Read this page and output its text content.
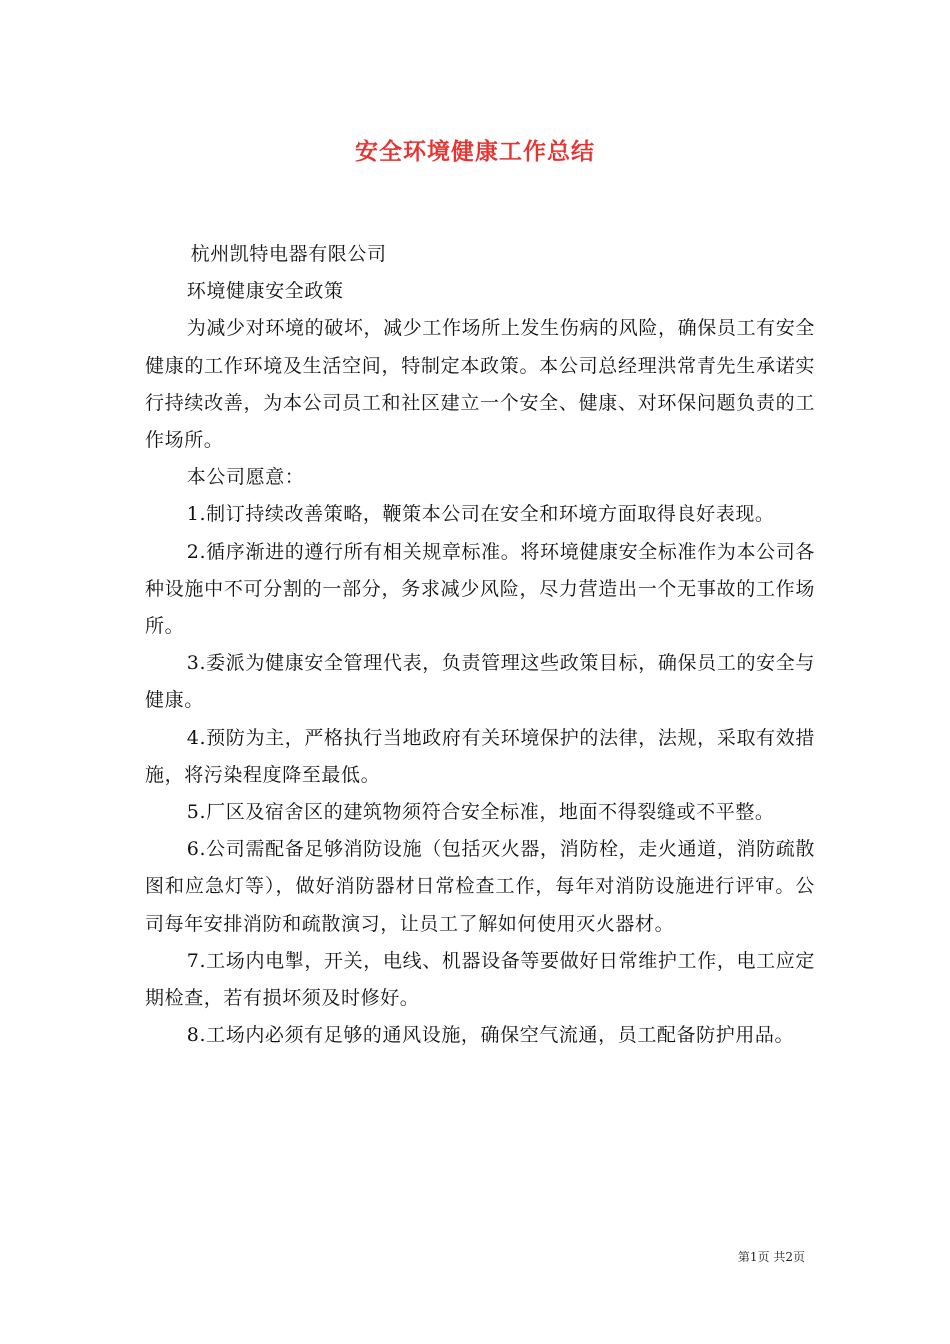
安全环境健康工作总结

杭州凯特电器有限公司

环境健康安全政策

为减少对环境的破坏，减少工作场所上发生伤病的风险，确保员工有安全健康的工作环境及生活空间，特制定本政策。本公司总经理洪常青先生承诺实行持续改善，为本公司员工和社区建立一个安全、健康、对环保问题负责的工作场所。

本公司愿意：

1.制订持续改善策略，鞭策本公司在安全和环境方面取得良好表现。

2.循序渐进的遵行所有相关规章标准。将环境健康安全标准作为本公司各种设施中不可分割的一部分，务求减少风险，尽力营造出一个无事故的工作场所。

3.委派为健康安全管理代表，负责管理这些政策目标，确保员工的安全与健康。

4.预防为主，严格执行当地政府有关环境保护的法律，法规，采取有效措施，将污染程度降至最低。

5.厂区及宿舍区的建筑物须符合安全标准，地面不得裂缝或不平整。

6.公司需配备足够消防设施（包括灭火器，消防栓，走火通道，消防疏散图和应急灯等），做好消防器材日常检查工作，每年对消防设施进行评审。公司每年安排消防和疏散演习，让员工了解如何使用灭火器材。

7.工场内电掣，开关，电线、机器设备等要做好日常维护工作，电工应定期检查，若有损坏须及时修好。

8.工场内必须有足够的通风设施，确保空气流通，员工配备防护用品。

第1页 共2页
